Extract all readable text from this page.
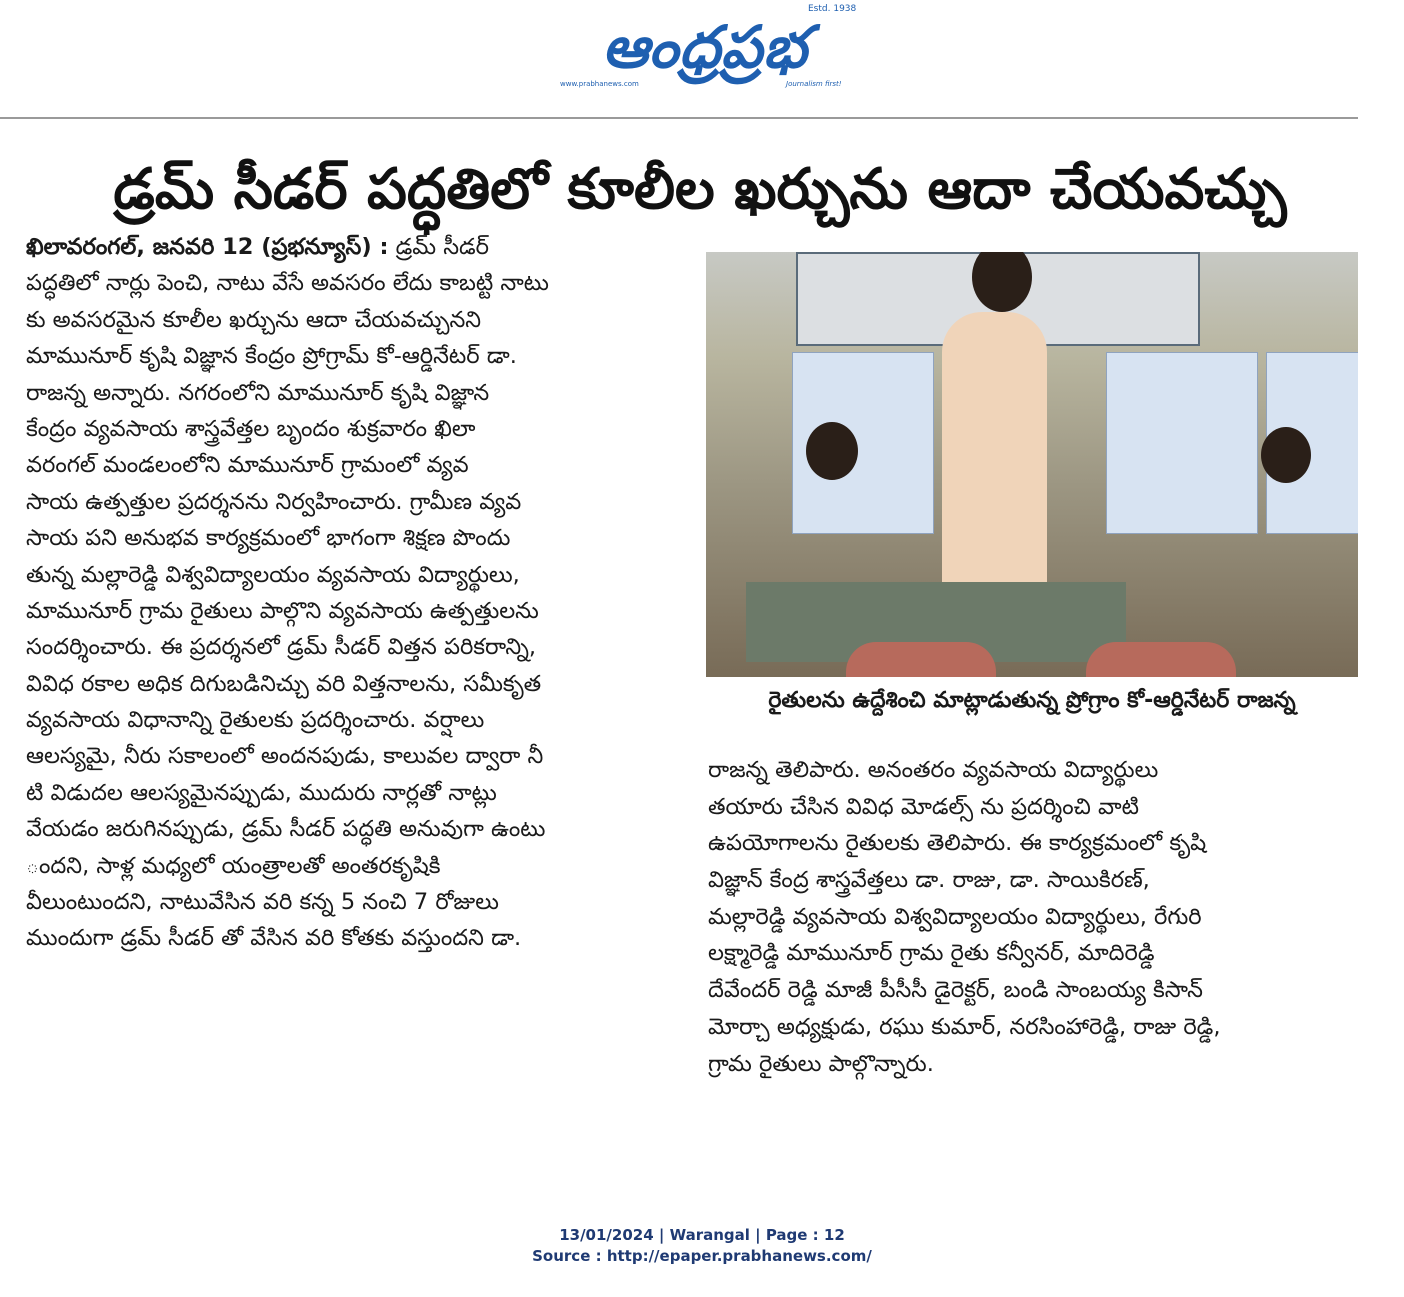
ఆంధ్రప్రభ
Estd. 1938
www.prabhanews.com	Journalism first!
డ్రమ్ సీడర్ పద్ధతిలో కూలీల ఖర్చును ఆదా చేయవచ్చు
ఖిలావరంగల్, జనవరి 12 (ప్రభన్యూస్) : డ్రమ్ సీడర్
పద్ధతిలో నార్లు పెంచి, నాటు వేసే అవసరం లేదు కాబట్టి నాటు
కు అవసరమైన కూలీల ఖర్చును ఆదా చేయవచ్చునని
మామునూర్ కృషి విజ్ఞాన కేంద్రం ప్రోగ్రామ్ కో-ఆర్డినేటర్ డా.
రాజన్న అన్నారు. నగరంలోని మామునూర్ కృషి విజ్ఞాన
కేంద్రం వ్యవసాయ శాస్త్రవేత్తల బృందం శుక్రవారం ఖిలా
వరంగల్ మండలంలోని మామునూర్ గ్రామంలో వ్యవ
సాయ ఉత్పత్తుల ప్రదర్శనను నిర్వహించారు. గ్రామీణ వ్యవ
సాయ పని అనుభవ కార్యక్రమంలో భాగంగా శిక్షణ పొందు
తున్న మల్లారెడ్డి విశ్వవిద్యాలయం వ్యవసాయ విద్యార్థులు,
మామునూర్ గ్రామ రైతులు పాల్గొని వ్యవసాయ ఉత్పత్తులను
సందర్శించారు. ఈ ప్రదర్శనలో డ్రమ్ సీడర్ విత్తన పరికరాన్ని,
వివిధ రకాల అధిక దిగుబడినిచ్చు వరి విత్తనాలను, సమీకృత
వ్యవసాయ విధానాన్ని రైతులకు ప్రదర్శించారు. వర్షాలు
ఆలస్యమై, నీరు సకాలంలో అందనపుడు, కాలువల ద్వారా నీ
టి విడుదల ఆలస్యమైనప్పుడు, ముదురు నార్లతో నాట్లు
వేయడం జరుగినప్పుడు, డ్రమ్ సీడర్ పద్ధతి అనువుగా ఉంటు
ందని, సాళ్ల మధ్యలో యంత్రాలతో అంతరకృషికి
వీలుంటుందని, నాటువేసిన వరి కన్న 5 నంచి 7 రోజులు
ముందుగా డ్రమ్ సీడర్ తో వేసిన వరి కోతకు వస్తుందని డా.
రైతులను ఉద్దేశించి మాట్లాడుతున్న ప్రోగ్రాం కో-ఆర్డినేటర్ రాజన్న
రాజన్న తెలిపారు. అనంతరం వ్యవసాయ విద్యార్థులు
తయారు చేసిన వివిధ మోడల్స్ ను ప్రదర్శించి వాటి
ఉపయోగాలను రైతులకు తెలిపారు. ఈ కార్యక్రమంలో కృషి
విజ్ఞాన్ కేంద్ర శాస్త్రవేత్తలు డా. రాజు, డా. సాయికిరణ్,
మల్లారెడ్డి వ్యవసాయ విశ్వవిద్యాలయం విద్యార్థులు, రేగురి
లక్ష్మారెడ్డి మామునూర్ గ్రామ రైతు కన్వీనర్, మాదిరెడ్డి
దేవేందర్ రెడ్డి మాజీ పీసీసీ డైరెక్టర్, బండి సాంబయ్య కిసాన్
మోర్చా అధ్యక్షుడు, రఘు కుమార్, నరసింహారెడ్డి, రాజు రెడ్డి,
గ్రామ రైతులు పాల్గొన్నారు.
13/01/2024 | Warangal | Page : 12
Source : http://epaper.prabhanews.com/
